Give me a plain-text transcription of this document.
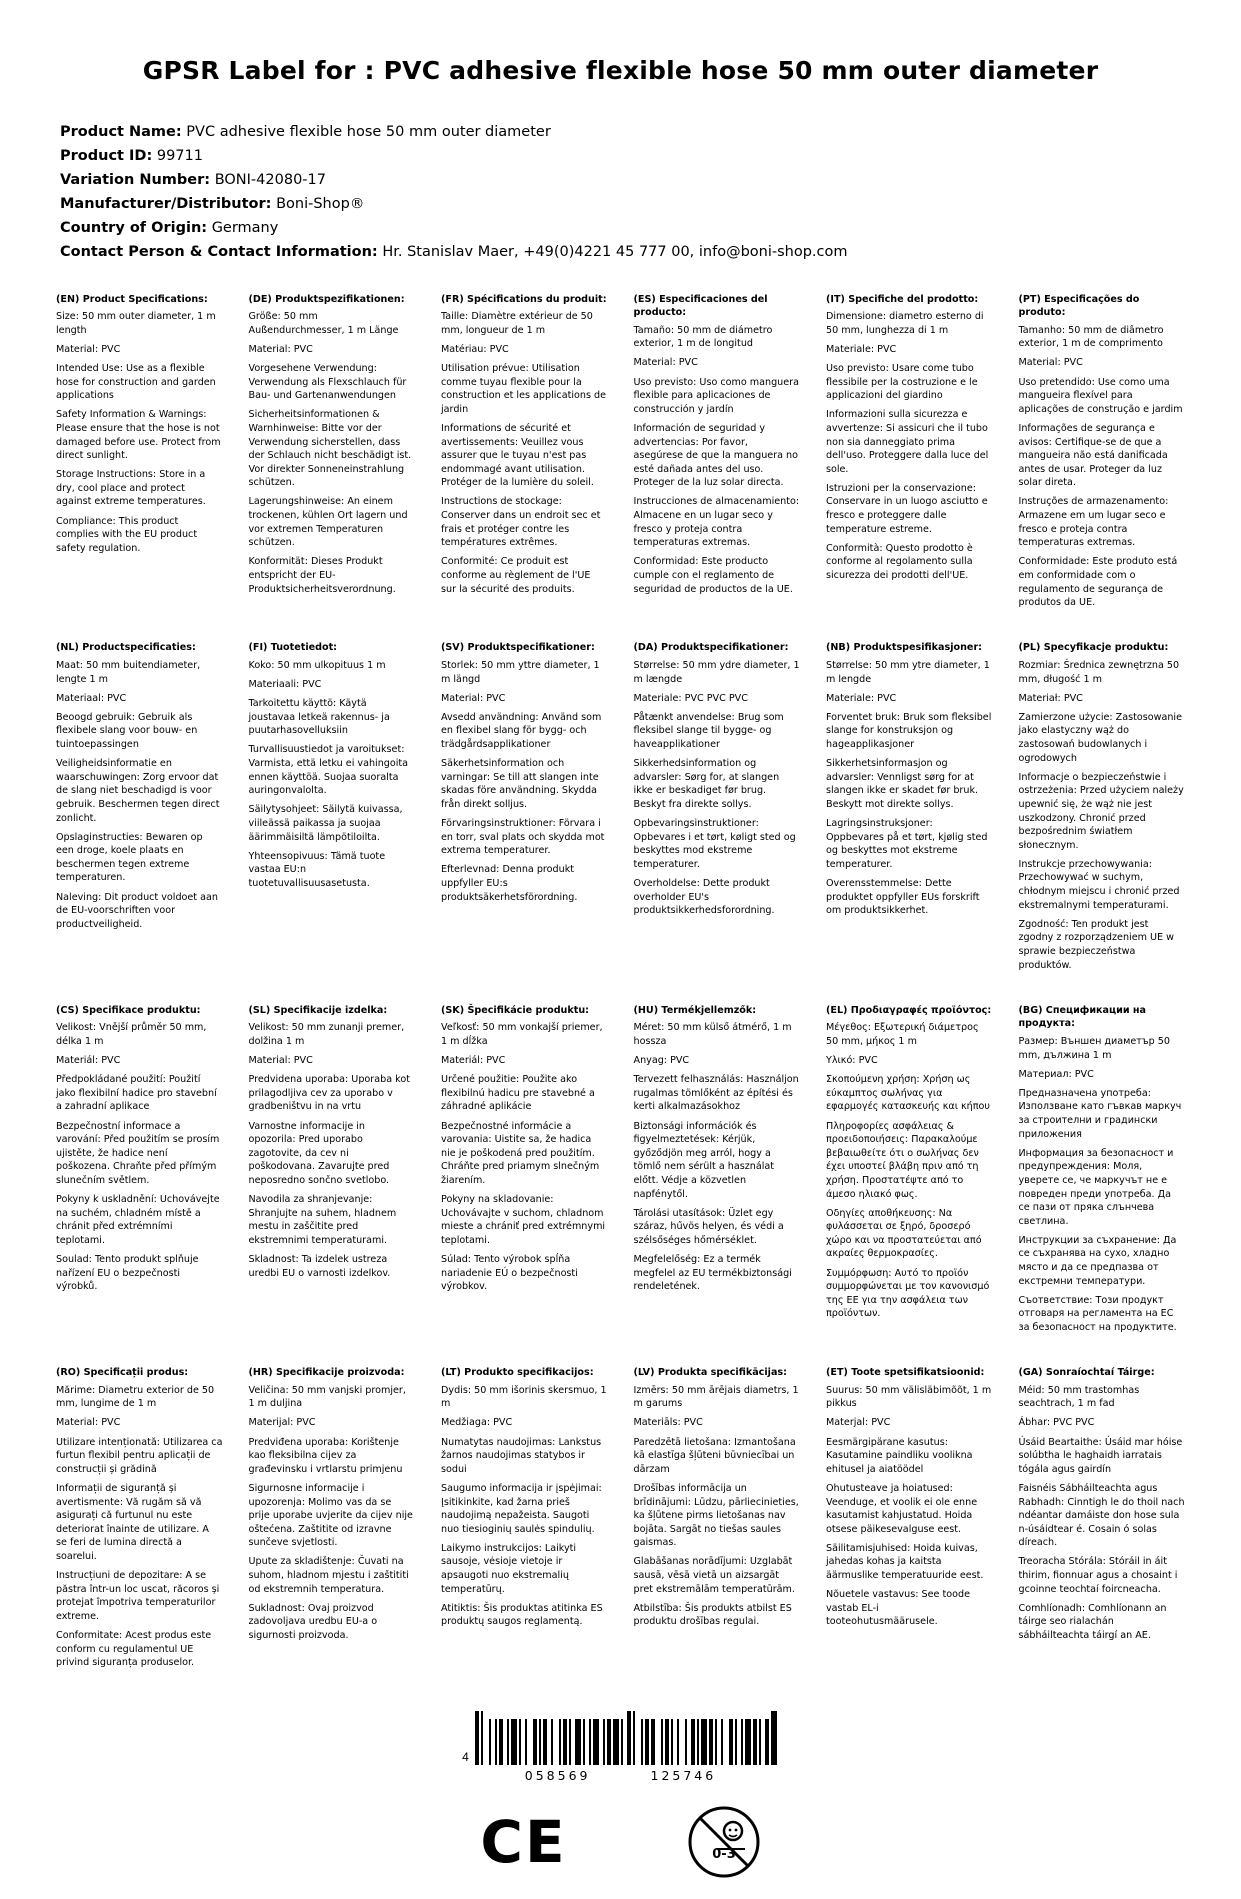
GPSR Label for : PVC adhesive flexible hose 50 mm outer diameter
Product Name: PVC adhesive flexible hose 50 mm outer diameter
Product ID: 99711
Variation Number: BONI-42080-17
Manufacturer/Distributor: Boni-Shop®
Country of Origin: Germany
Contact Person & Contact Information: Hr. Stanislav Maer, +49(0)4221 45 777 00, info@boni-shop.com
(EN) Product Specifications:

Size: 50 mm outer diameter, 1 m length

Material: PVC

Intended Use: Use as a flexible hose for construction and garden applications

Safety Information & Warnings: Please ensure that the hose is not damaged before use. Protect from direct sunlight.

Storage Instructions: Store in a dry, cool place and protect against extreme temperatures.

Compliance: This product complies with the EU product safety regulation.

(DE) Produktspezifikationen:

Größe: 50 mm Außendurchmesser, 1 m Länge

Material: PVC

Vorgesehene Verwendung: Verwendung als Flexschlauch für Bau- und Gartenanwendungen

Sicherheitsinformationen & Warnhinweise: Bitte vor der Verwendung sicherstellen, dass der Schlauch nicht beschädigt ist. Vor direkter Sonneneinstrahlung schützen.

Lagerungshinweise: An einem trockenen, kühlen Ort lagern und vor extremen Temperaturen schützen.

Konformität: Dieses Produkt entspricht der EU-Produktsicherheitsverordnung.

(FR) Spécifications du produit:

Taille: Diamètre extérieur de 50 mm, longueur de 1 m

Matériau: PVC

Utilisation prévue: Utilisation comme tuyau flexible pour la construction et les applications de jardin

Informations de sécurité et avertissements: Veuillez vous assurer que le tuyau n'est pas endommagé avant utilisation. Protéger de la lumière du soleil.

Instructions de stockage: Conserver dans un endroit sec et frais et protéger contre les températures extrêmes.

Conformité: Ce produit est conforme au règlement de l'UE sur la sécurité des produits.

(ES) Especificaciones del producto:

Tamaño: 50 mm de diámetro exterior, 1 m de longitud

Material: PVC

Uso previsto: Uso como manguera flexible para aplicaciones de construcción y jardín

Información de seguridad y advertencias: Por favor, asegúrese de que la manguera no esté dañada antes del uso. Proteger de la luz solar directa.

Instrucciones de almacenamiento: Almacene en un lugar seco y fresco y proteja contra temperaturas extremas.

Conformidad: Este producto cumple con el reglamento de seguridad de productos de la UE.

(IT) Specifiche del prodotto:

Dimensione: diametro esterno di 50 mm, lunghezza di 1 m

Materiale: PVC

Uso previsto: Usare come tubo flessibile per la costruzione e le applicazioni del giardino

Informazioni sulla sicurezza e avvertenze: Si assicuri che il tubo non sia danneggiato prima dell'uso. Proteggere dalla luce del sole.

Istruzioni per la conservazione: Conservare in un luogo asciutto e fresco e proteggere dalle temperature estreme.

Conformità: Questo prodotto è conforme al regolamento sulla sicurezza dei prodotti dell'UE.

(PT) Especificações do produto:

Tamanho: 50 mm de diâmetro exterior, 1 m de comprimento

Material: PVC

Uso pretendido: Use como uma mangueira flexível para aplicações de construção e jardim

Informações de segurança e avisos: Certifique-se de que a mangueira não está danificada antes de usar. Proteger da luz solar direta.

Instruções de armazenamento: Armazene em um lugar seco e fresco e proteja contra temperaturas extremas.

Conformidade: Este produto está em conformidade com o regulamento de segurança de produtos da UE.

(NL) Productspecificaties:

Maat: 50 mm buitendiameter, lengte 1 m

Materiaal: PVC

Beoogd gebruik: Gebruik als flexibele slang voor bouw- en tuintoepassingen

Veiligheidsinformatie en waarschuwingen: Zorg ervoor dat de slang niet beschadigd is voor gebruik. Beschermen tegen direct zonlicht.

Opslaginstructies: Bewaren op een droge, koele plaats en beschermen tegen extreme temperaturen.

Naleving: Dit product voldoet aan de EU-voorschriften voor productveiligheid.

(FI) Tuotetiedot:

Koko: 50 mm ulkopituus 1 m

Materiaali: PVC

Tarkoitettu käyttö: Käytä joustavaa letkeä rakennus- ja puutarhasovelluksiin

Turvallisuustiedot ja varoitukset: Varmista, että letku ei vahingoita ennen käyttöä. Suojaa suoralta auringonvalolta.

Säilytysohjeet: Säilytä kuivassa, viileässä paikassa ja suojaa äärimmäisiltä lämpötiloilta.

Yhteensopivuus: Tämä tuote vastaa EU:n tuotetuvallisuusasetusta.

(SV) Produktspecifikationer:

Storlek: 50 mm yttre diameter, 1 m längd

Material: PVC

Avsedd användning: Använd som en flexibel slang för bygg- och trädgårdsapplikationer

Säkerhetsinformation och varningar: Se till att slangen inte skadas före användning. Skydda från direkt solljus.

Förvaringsinstruktioner: Förvara i en torr, sval plats och skydda mot extrema temperaturer.

Efterlevnad: Denna produkt uppfyller EU:s produktsäkerhetsförordning.

(DA) Produktspecifikationer:

Størrelse: 50 mm ydre diameter, 1 m længde

Materiale: PVC PVC PVC

Påtænkt anvendelse: Brug som fleksibel slange til bygge- og haveapplikationer

Sikkerhedsinformation og advarsler: Sørg for, at slangen ikke er beskadiget før brug. Beskyt fra direkte sollys.

Opbevaringsinstruktioner: Opbevares i et tørt, køligt sted og beskyttes mod ekstreme temperaturer.

Overholdelse: Dette produkt overholder EU's produktsikkerhedsforordning.

(NB) Produktspesifikasjoner:

Størrelse: 50 mm ytre diameter, 1 m lengde

Materiale: PVC

Forventet bruk: Bruk som fleksibel slange for konstruksjon og hageapplikasjoner

Sikkerhetsinformasjon og advarsler: Vennligst sørg for at slangen ikke er skadet før bruk. Beskytt mot direkte sollys.

Lagringsinstruksjoner: Oppbevares på et tørt, kjølig sted og beskyttes mot ekstreme temperaturer.

Overensstemmelse: Dette produktet oppfyller EUs forskrift om produktsikkerhet.

(PL) Specyfikacje produktu:

Rozmiar: Średnica zewnętrzna 50 mm, długość 1 m

Materiał: PVC

Zamierzone użycie: Zastosowanie jako elastyczny wąż do zastosowań budowlanych i ogrodowych

Informacje o bezpieczeństwie i ostrzeżenia: Przed użyciem należy upewnić się, że wąż nie jest uszkodzony. Chronić przed bezpośrednim światłem słonecznym.

Instrukcje przechowywania: Przechowywać w suchym, chłodnym miejscu i chronić przed ekstremalnymi temperaturami.

Zgodność: Ten produkt jest zgodny z rozporządzeniem UE w sprawie bezpieczeństwa produktów.

(CS) Specifikace produktu:

Velikost: Vnější průměr 50 mm, délka 1 m

Materiál: PVC

Předpokládané použití: Použití jako flexibilní hadice pro stavební a zahradní aplikace

Bezpečnostní informace a varování: Před použitím se prosím ujistěte, že hadice není poškozena. Chraňte před přímým slunečním světlem.

Pokyny k uskladnění: Uchovávejte na suchém, chladném místě a chránit před extrémními teplotami.

Soulad: Tento produkt splňuje nařízení EU o bezpečnosti výrobků.

(SL) Specifikacije izdelka:

Velikost: 50 mm zunanji premer, dolžina 1 m

Material: PVC

Predvidena uporaba: Uporaba kot prilagodljiva cev za uporabo v gradbeništvu in na vrtu

Varnostne informacije in opozorila: Pred uporabo zagotovite, da cev ni poškodovana. Zavarujte pred neposredno sončno svetlobo.

Navodila za shranjevanje: Shranjujte na suhem, hladnem mestu in zaščitite pred ekstremnimi temperaturami.

Skladnost: Ta izdelek ustreza uredbi EU o varnosti izdelkov.

(SK) Špecifikácie produktu:

Veľkosť: 50 mm vonkajší priemer, 1 m dĺžka

Materiál: PVC

Určené použitie: Použite ako flexibilnú hadicu pre stavebné a záhradné aplikácie

Bezpečnostné informácie a varovania: Uistite sa, že hadica nie je poškodená pred použitím. Chráňte pred priamym slnečným žiarením.

Pokyny na skladovanie: Uchovávajte v suchom, chladnom mieste a chrániť pred extrémnymi teplotami.

Súlad: Tento výrobok spĺňa nariadenie EÚ o bezpečnosti výrobkov.

(HU) Termékjellemzők:

Méret: 50 mm külső átmérő, 1 m hossza

Anyag: PVC

Tervezett felhasználás: Használjon rugalmas tömlőként az építési és kerti alkalmazásokhoz

Biztonsági információk és figyelmeztetések: Kérjük, győződjön meg arról, hogy a tömlő nem sérült a használat előtt. Védje a közvetlen napfénytől.

Tárolási utasítások: Üzlet egy száraz, hűvös helyen, és védi a szélsőséges hőmérséklet.

Megfelelőség: Ez a termék megfelel az EU termékbiztonsági rendeletének.

(EL) Προδιαγραφές προϊόντος:

Μέγεθος: Εξωτερική διάμετρος 50 mm, μήκος 1 m

Υλικό: PVC

Σκοπούμενη χρήση: Χρήση ως εύκαμπτος σωλήνας για εφαρμογές κατασκευής και κήπου

Πληροφορίες ασφάλειας & προειδοποιήσεις: Παρακαλούμε βεβαιωθείτε ότι ο σωλήνας δεν έχει υποστεί βλάβη πριν από τη χρήση. Προστατέψτε από το άμεσο ηλιακό φως.

Οδηγίες αποθήκευσης: Να φυλάσσεται σε ξηρό, δροσερό χώρο και να προστατεύεται από ακραίες θερμοκρασίες.

Συμμόρφωση: Αυτό το προϊόν συμμορφώνεται με τον κανονισμό της ΕΕ για την ασφάλεια των προϊόντων.

(BG) Спецификации на продукта:

Размер: Външен диаметър 50 mm, дължина 1 m

Материал: PVC

Предназначена употреба: Използване като гъвкав маркуч за строителни и градински приложения

Информация за безопасност и предупреждения: Моля, уверете се, че маркучът не е повреден преди употреба. Да се пази от пряка слънчева светлина.

Инструкции за съхранение: Да се съхранява на сухо, хладно място и да се предпазва от екстремни температури.

Съответствие: Този продукт отговаря на регламента на ЕС за безопасност на продуктите.

(RO) Specificații produs:

Mărime: Diametru exterior de 50 mm, lungime de 1 m

Material: PVC

Utilizare intenționată: Utilizarea ca furtun flexibil pentru aplicații de construcții și grădină

Informații de siguranță și avertismente: Vă rugăm să vă asigurați că furtunul nu este deteriorat înainte de utilizare. A se feri de lumina directă a soarelui.

Instrucțiuni de depozitare: A se păstra într-un loc uscat, răcoros și protejat împotriva temperaturilor extreme.

Conformitate: Acest produs este conform cu regulamentul UE privind siguranța produselor.

(HR) Specifikacije proizvoda:

Veličina: 50 mm vanjski promjer, 1 m duljina

Materijal: PVC

Predviđena uporaba: Korištenje kao fleksibilna cijev za građevinsku i vrtlarstu primjenu

Sigurnosne informacije i upozorenja: Molimo vas da se prije uporabe uvjerite da cijev nije oštećena. Zaštitite od izravne sunčeve svjetlosti.

Upute za skladištenje: Čuvati na suhom, hladnom mjestu i zaštititi od ekstremnih temperatura.

Sukladnost: Ovaj proizvod zadovoljava uredbu EU-a o sigurnosti proizvoda.

(LT) Produkto specifikacijos:

Dydis: 50 mm išorinis skersmuo, 1 m

Medžiaga: PVC

Numatytas naudojimas: Lankstus žarnos naudojimas statybos ir sodui

Saugumo informacija ir įspėjimai: Įsitikinkite, kad žarna prieš naudojimą nepažeista. Saugoti nuo tiesioginių saulės spindulių.

Laikymo instrukcijos: Laikyti sausoje, vėsioje vietoje ir apsaugoti nuo ekstremalių temperatūrų.

Atitiktis: Šis produktas atitinka ES produktų saugos reglamentą.

(LV) Produkta specifikācijas:

Izmērs: 50 mm ārējais diametrs, 1 m garums

Materiāls: PVC

Paredzētā lietošana: Izmantošana kā elastīga šļūteni būvniecībai un dārzam

Drošības informācija un brīdinājumi: Lūdzu, pārliecinieties, ka šļūtene pirms lietošanas nav bojāta. Sargāt no tiešas saules gaismas.

Glabāšanas norādījumi: Uzglabāt sausā, vēsā vietā un aizsargāt pret ekstremālām temperatūrām.

Atbilstība: Šis produkts atbilst ES produktu drošības regulai.

(ET) Toote spetsifikatsioonid:

Suurus: 50 mm välisläbimõõt, 1 m pikkus

Materjal: PVC

Eesmärgipärane kasutus: Kasutamine paindliku voolikna ehitusel ja aiatöödel

Ohutusteave ja hoiatused: Veenduge, et voolik ei ole enne kasutamist kahjustatud. Hoida otsese päikesevalguse eest.

Säilitamisjuhised: Hoida kuivas, jahedas kohas ja kaitsta äärmuslike temperatuuride eest.

Nõuetele vastavus: See toode vastab EL-i tooteohutusmäärusele.

(GA) Sonraíochtaí Táirge:

Méid: 50 mm trastomhas seachtrach, 1 m fad

Ábhar: PVC PVC

Úsáid Beartaithe: Úsáid mar hóise solúbtha le haghaidh iarratais tógála agus gairdín

Faisnéis Sábháilteachta agus Rabhadh: Cinntigh le do thoil nach ndéantar damáiste don hose sula n-úsáidtear é. Cosain ó solas díreach.

Treoracha Stórála: Stóráil in áit thirim, fionnuar agus a chosaint i gcoinne teochtaí foircneacha.

Comhlíonadh: Comhlíonann an táirge seo rialachán sábháilteachta táirgí an AE.

4
058569	125746
CE	0-3
